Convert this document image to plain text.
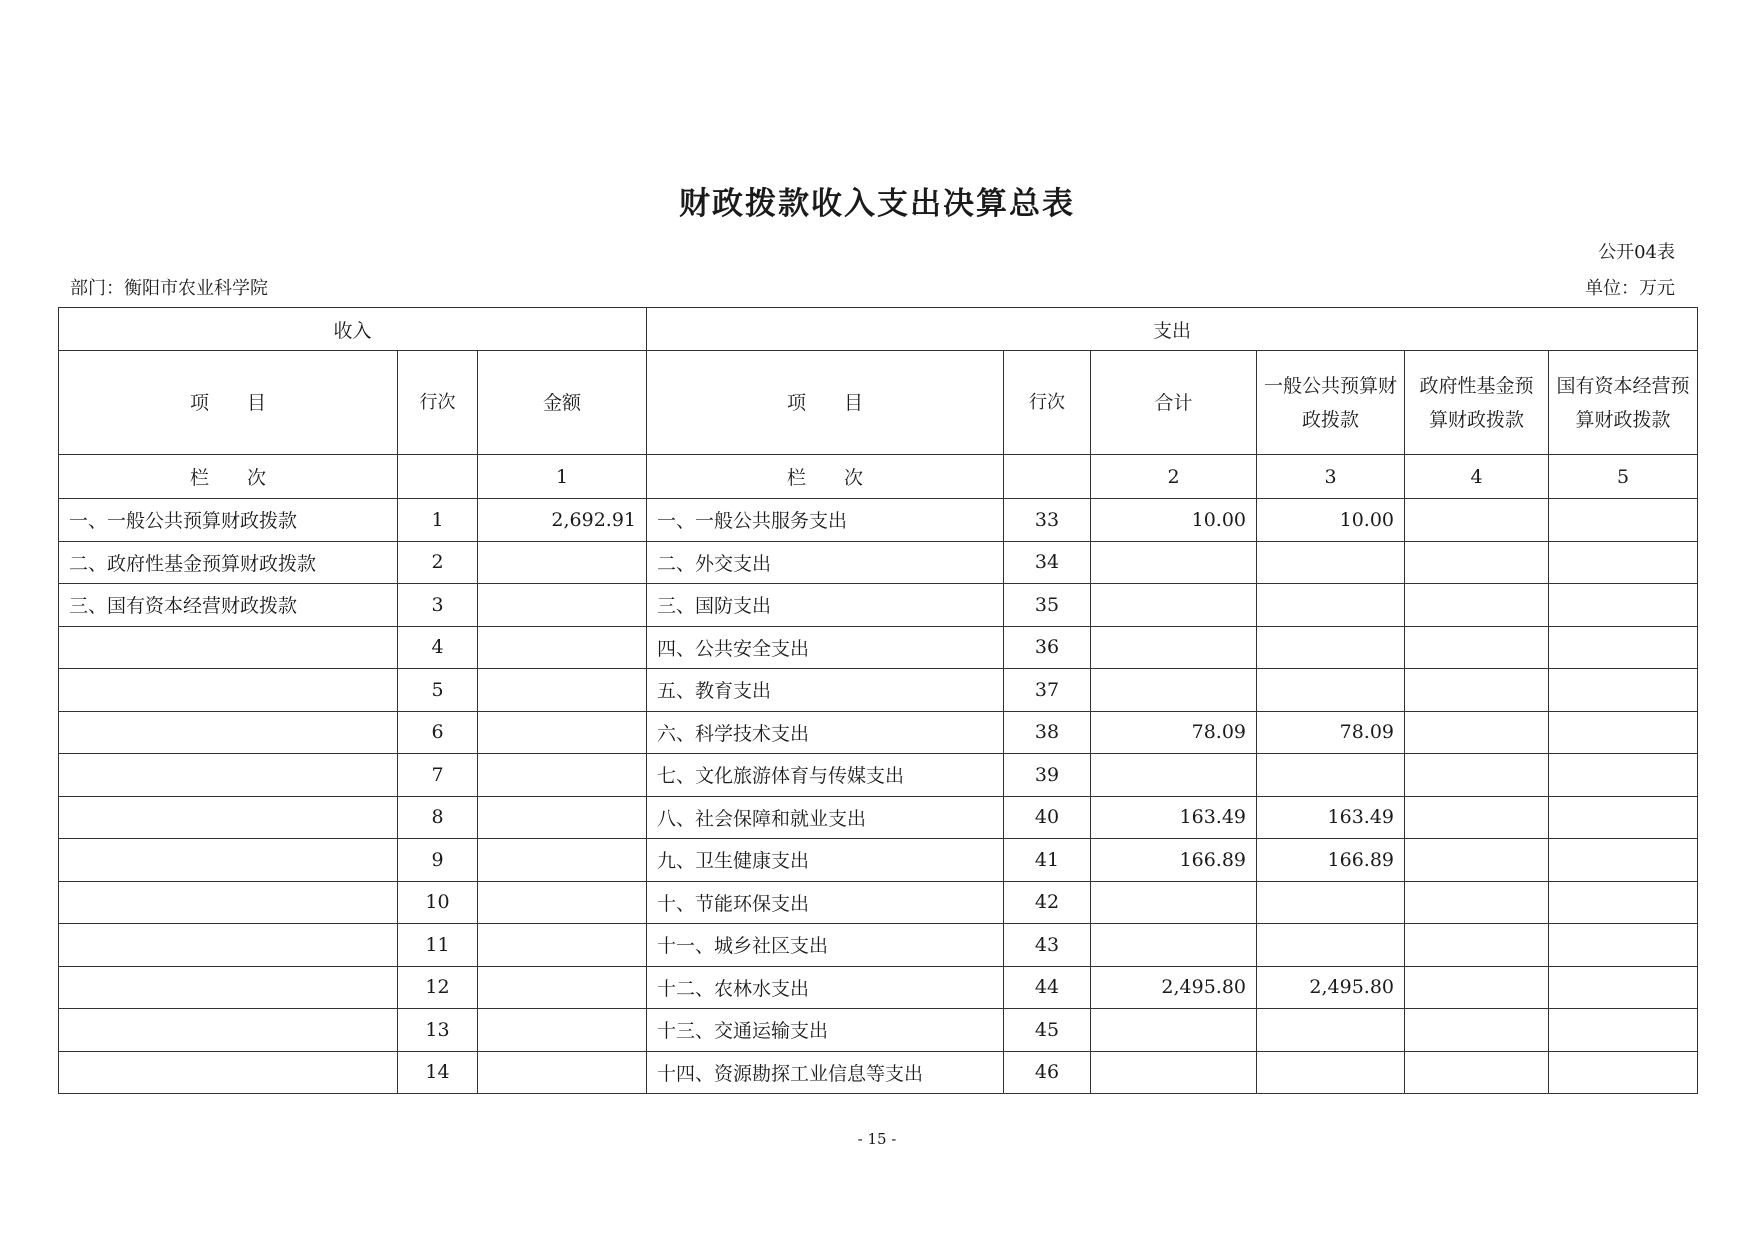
财政拨款收入支出决算总表
公开04表
部门：衡阳市农业科学院	单位：万元
收入			支出					
项　　目	行次	金额	项　　目	行次	合计	一般公共预算财政拨款	政府性基金预算财政拨款	国有资本经营预算财政拨款
栏　　次		1	栏　　次		2	3	4	5
一、一般公共预算财政拨款	1	2,692.91	一、一般公共服务支出	33	10.00	10.00		
二、政府性基金预算财政拨款	2		二、外交支出	34				
三、国有资本经营财政拨款	3		三、国防支出	35				
	4		四、公共安全支出	36				
	5		五、教育支出	37				
	6		六、科学技术支出	38	78.09	78.09		
	7		七、文化旅游体育与传媒支出	39				
	8		八、社会保障和就业支出	40	163.49	163.49		
	9		九、卫生健康支出	41	166.89	166.89		
	10		十、节能环保支出	42				
	11		十一、城乡社区支出	43				
	12		十二、农林水支出	44	2,495.80	2,495.80		
	13		十三、交通运输支出	45				
	14		十四、资源勘探工业信息等支出	46				
- 15 -
